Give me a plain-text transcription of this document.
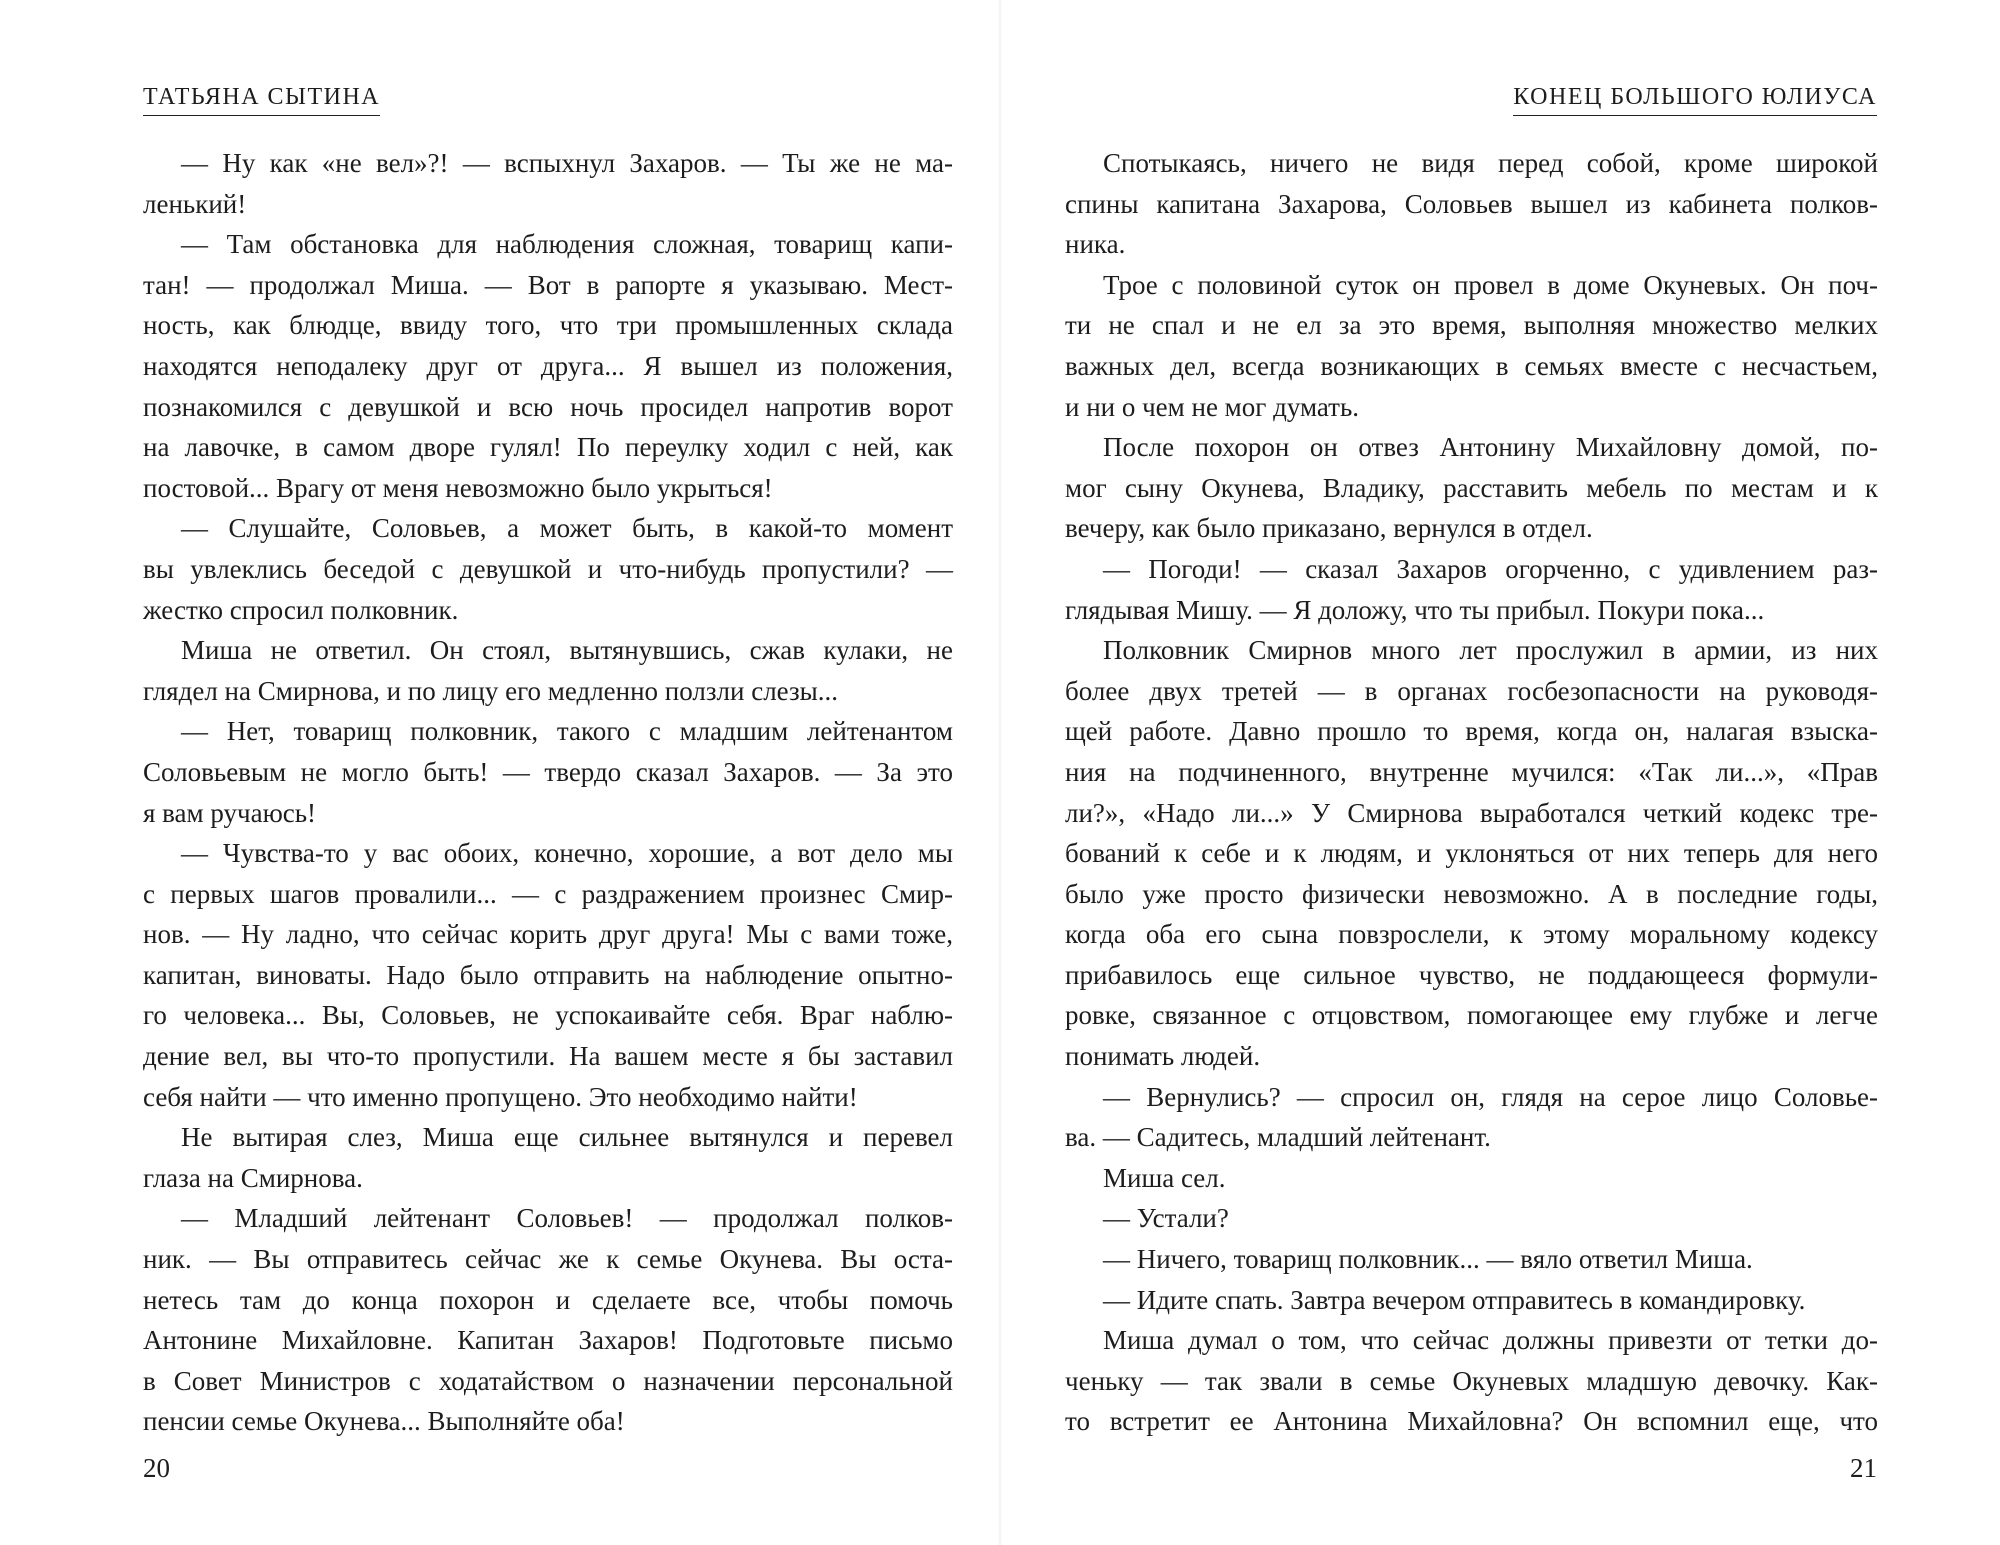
ТАТЬЯНА СЫТИНА
— Ну как «не вел»?! — вспыхнул Захаров. — Ты же не ма-
ленький!
— Там обстановка для наблюдения сложная, товарищ капи-
тан! — продолжал Миша. — Вот в рапорте я указываю. Мест-
ность, как блюдце, ввиду того, что три промышленных склада
находятся неподалеку друг от друга... Я вышел из положения,
познакомился с девушкой и всю ночь просидел напротив ворот
на лавочке, в самом дворе гулял! По переулку ходил с ней, как
постовой... Врагу от меня невозможно было укрыться!
— Слушайте, Соловьев, а может быть, в какой-то момент
вы увлеклись беседой с девушкой и что-нибудь пропустили? —
жестко спросил полковник.
Миша не ответил. Он стоял, вытянувшись, сжав кулаки, не
глядел на Смирнова, и по лицу его медленно ползли слезы...
— Нет, товарищ полковник, такого с младшим лейтенантом
Соловьевым не могло быть! — твердо сказал Захаров. — За это
я вам ручаюсь!
— Чувства-то у вас обоих, конечно, хорошие, а вот дело мы
с первых шагов провалили... — с раздражением произнес Смир-
нов. — Ну ладно, что сейчас корить друг друга! Мы с вами тоже,
капитан, виноваты. Надо было отправить на наблюдение опытно-
го человека... Вы, Соловьев, не успокаивайте себя. Враг наблю-
дение вел, вы что-то пропустили. На вашем месте я бы заставил
себя найти — что именно пропущено. Это необходимо найти!
Не вытирая слез, Миша еще сильнее вытянулся и перевел
глаза на Смирнова.
— Младший лейтенант Соловьев! — продолжал полков-
ник. — Вы отправитесь сейчас же к семье Окунева. Вы оста-
нетесь там до конца похорон и сделаете все, чтобы помочь
Антонине Михайловне. Капитан Захаров! Подготовьте письмо
в Совет Министров с ходатайством о назначении персональной
пенсии семье Окунева... Выполняйте оба!
20
КОНЕЦ БОЛЬШОГО ЮЛИУСА
Спотыкаясь, ничего не видя перед собой, кроме широкой
спины капитана Захарова, Соловьев вышел из кабинета полков-
ника.
Трое с половиной суток он провел в доме Окуневых. Он поч-
ти не спал и не ел за это время, выполняя множество мелких
важных дел, всегда возникающих в семьях вместе с несчастьем,
и ни о чем не мог думать.
После похорон он отвез Антонину Михайловну домой, по-
мог сыну Окунева, Владику, расставить мебель по местам и к
вечеру, как было приказано, вернулся в отдел.
— Погоди! — сказал Захаров огорченно, с удивлением раз-
глядывая Мишу. — Я доложу, что ты прибыл. Покури пока...
Полковник Смирнов много лет прослужил в армии, из них
более двух третей — в органах госбезопасности на руководя-
щей работе. Давно прошло то время, когда он, налагая взыска-
ния на подчиненного, внутренне мучился: «Так ли...», «Прав
ли?», «Надо ли...» У Смирнова выработался четкий кодекс тре-
бований к себе и к людям, и уклоняться от них теперь для него
было уже просто физически невозможно. А в последние годы,
когда оба его сына повзрослели, к этому моральному кодексу
прибавилось еще сильное чувство, не поддающееся формули-
ровке, связанное с отцовством, помогающее ему глубже и легче
понимать людей.
— Вернулись? — спросил он, глядя на серое лицо Соловье-
ва. — Садитесь, младший лейтенант.
Миша сел.
— Устали?
— Ничего, товарищ полковник... — вяло ответил Миша.
— Идите спать. Завтра вечером отправитесь в командировку.
Миша думал о том, что сейчас должны привезти от тетки до-
ченьку — так звали в семье Окуневых младшую девочку. Как-
то встретит ее Антонина Михайловна? Он вспомнил еще, что
21
